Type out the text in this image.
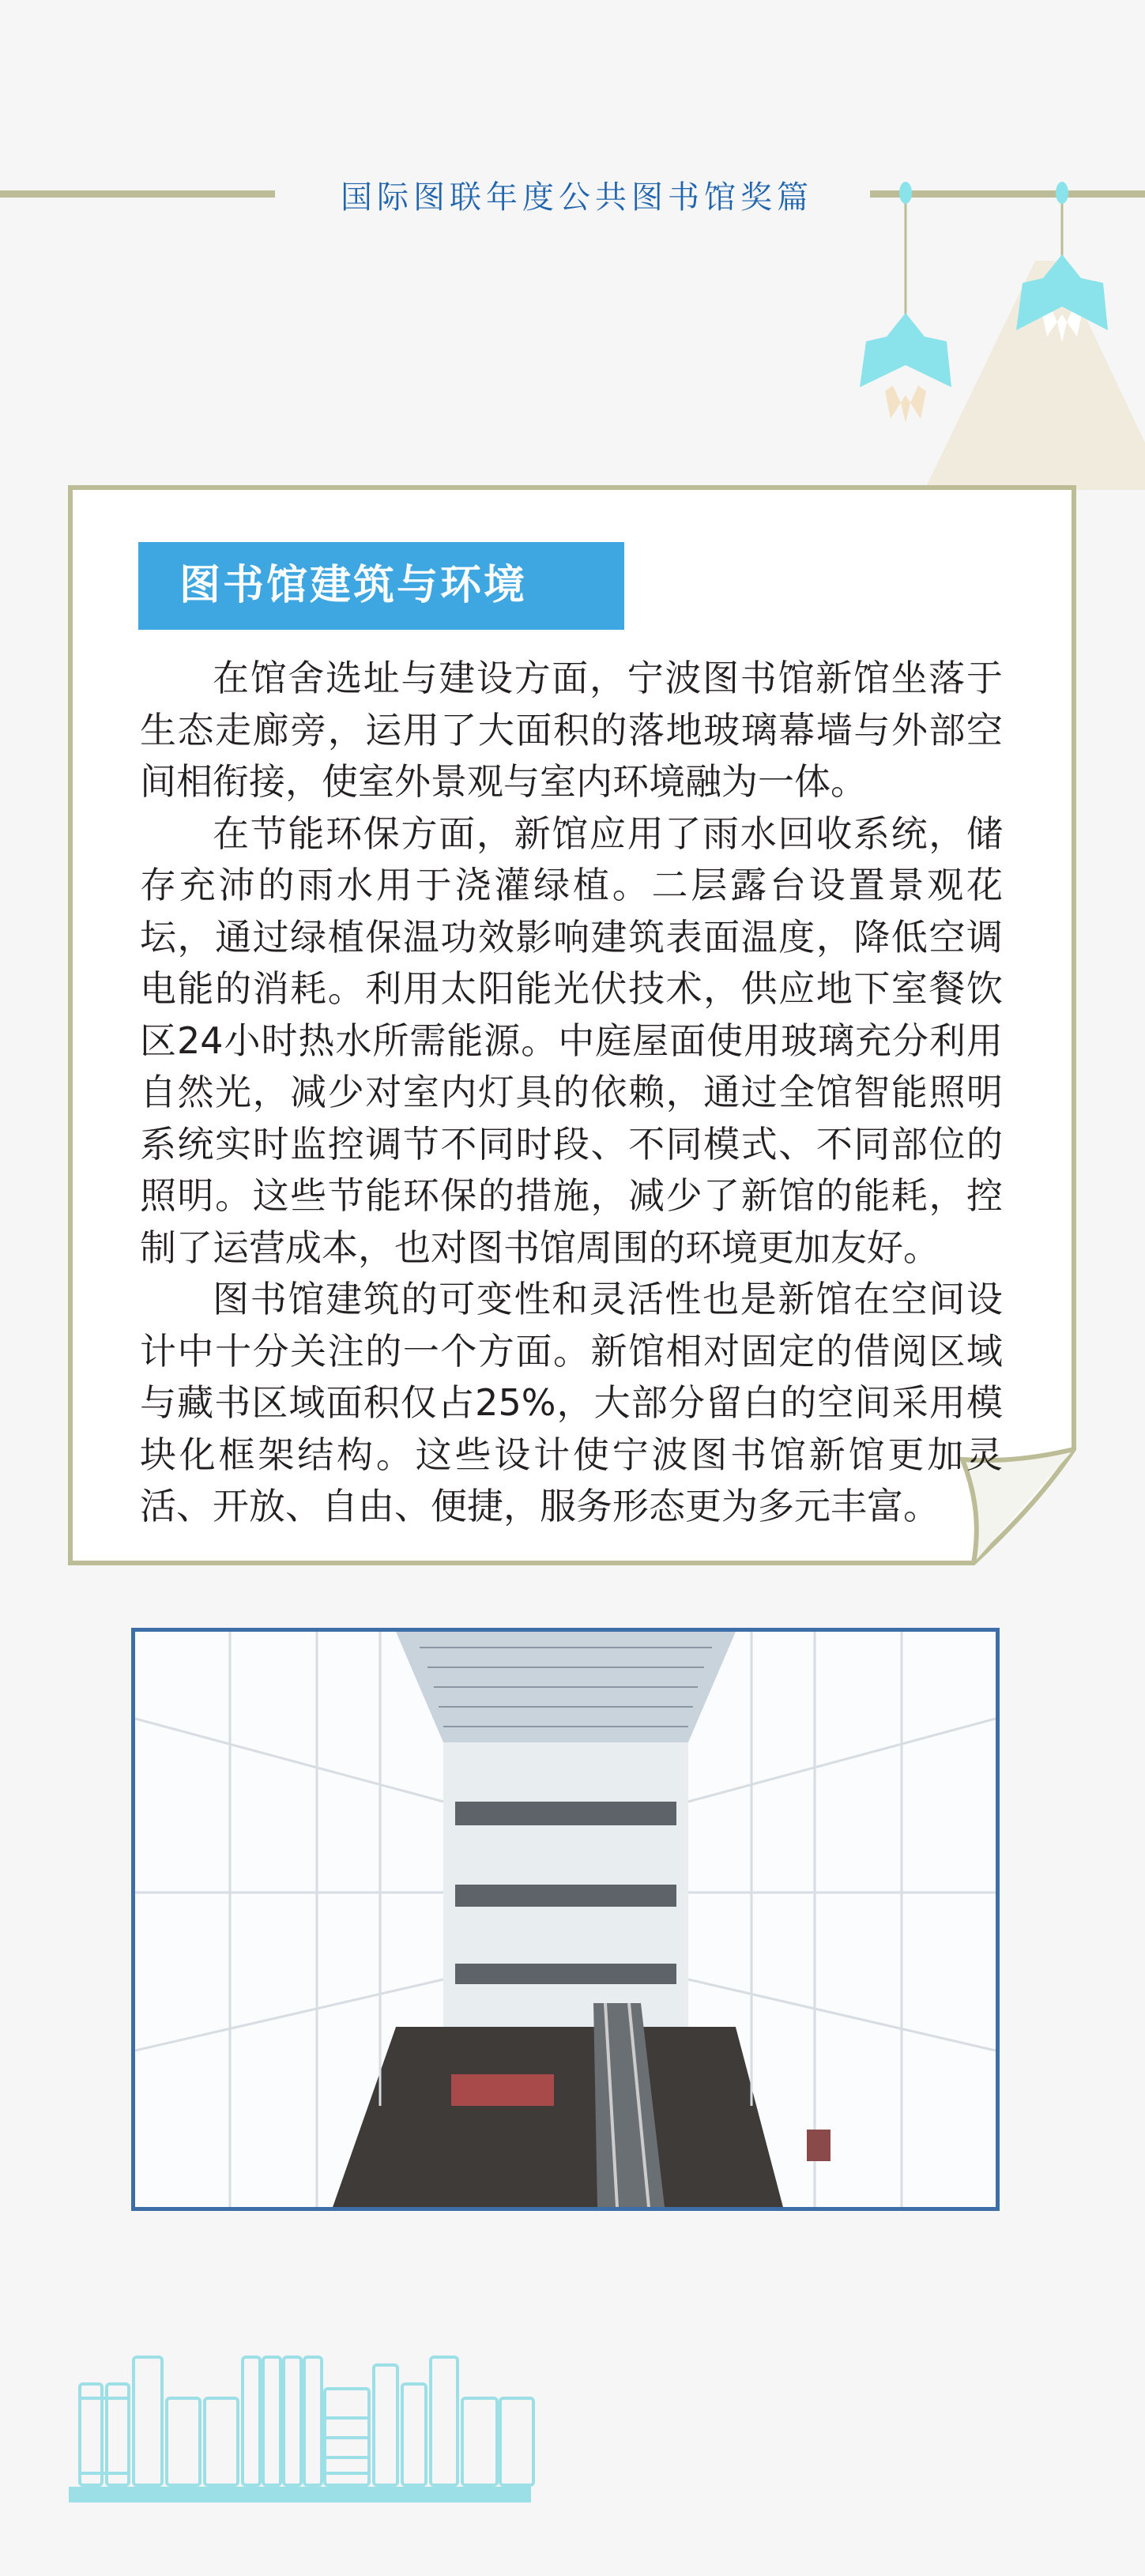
国际图联年度公共图书馆奖篇
图书馆建筑与环境

在馆舍选址与建设方面，宁波图书馆新馆坐落于生态走廊旁，运用了大面积的落地玻璃幕墙与外部空间相衔接，使室外景观与室内环境融为一体。

在节能环保方面，新馆应用了雨水回收系统，储存充沛的雨水用于浇灌绿植。二层露台设置景观花坛，通过绿植保温功效影响建筑表面温度，降低空调电能的消耗。利用太阳能光伏技术，供应地下室餐饮区24小时热水所需能源。中庭屋面使用玻璃充分利用自然光，减少对室内灯具的依赖，通过全馆智能照明系统实时监控调节不同时段、不同模式、不同部位的照明。这些节能环保的措施，减少了新馆的能耗，控制了运营成本，也对图书馆周围的环境更加友好。

图书馆建筑的可变性和灵活性也是新馆在空间设计中十分关注的一个方面。新馆相对固定的借阅区域与藏书区域面积仅占25%，大部分留白的空间采用模块化框架结构。这些设计使宁波图书馆新馆更加灵活、开放、自由、便捷，服务形态更为多元丰富。
